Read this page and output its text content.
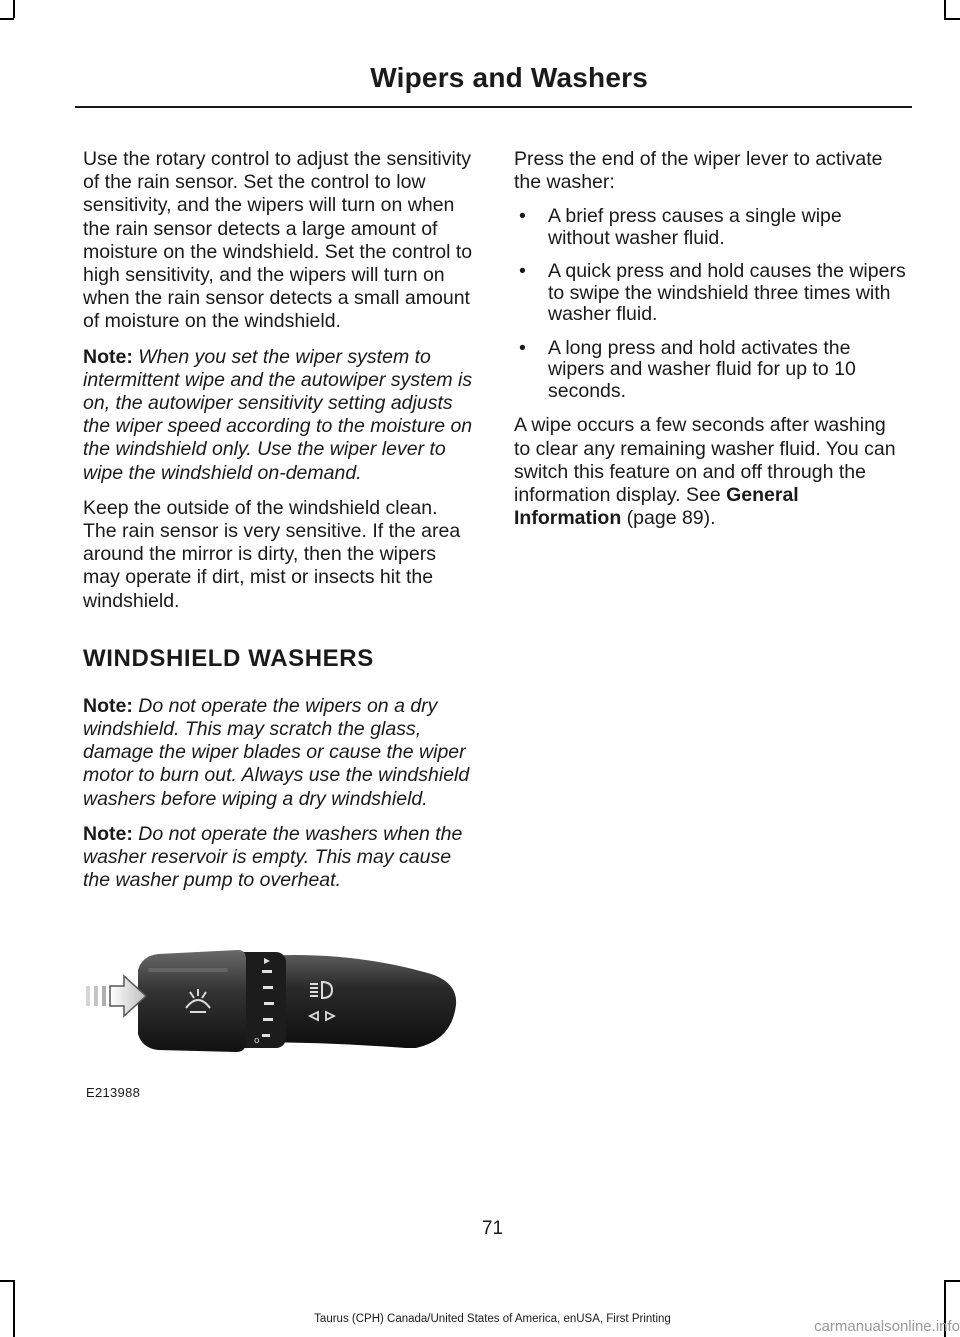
Wipers and Washers

Use the rotary control to adjust the sensitivity of the rain sensor. Set the control to low sensitivity, and the wipers will turn on when the rain sensor detects a large amount of moisture on the windshield. Set the control to high sensitivity, and the wipers will turn on when the rain sensor detects a small amount of moisture on the windshield.

Note: When you set the wiper system to intermittent wipe and the autowiper system is on, the autowiper sensitivity setting adjusts the wiper speed according to the moisture on the windshield only. Use the wiper lever to wipe the windshield on-demand.

Keep the outside of the windshield clean. The rain sensor is very sensitive. If the area around the mirror is dirty, then the wipers may operate if dirt, mist or insects hit the windshield.

WINDSHIELD WASHERS

Note: Do not operate the wipers on a dry windshield. This may scratch the glass, damage the wiper blades or cause the wiper motor to burn out. Always use the windshield washers before wiping a dry windshield.

Note: Do not operate the washers when the washer reservoir is empty. This may cause the washer pump to overheat.

Press the end of the wiper lever to activate the washer:

• A brief press causes a single wipe without washer fluid.
• A quick press and hold causes the wipers to swipe the windshield three times with washer fluid.
• A long press and hold activates the wipers and washer fluid for up to 10 seconds.

A wipe occurs a few seconds after washing to clear any remaining washer fluid. You can switch this feature on and off through the information display. See General Information (page 89).

o
E213988
71
Taurus (CPH) Canada/United States of America, enUSA, First Printing	carmanualsonline.info
